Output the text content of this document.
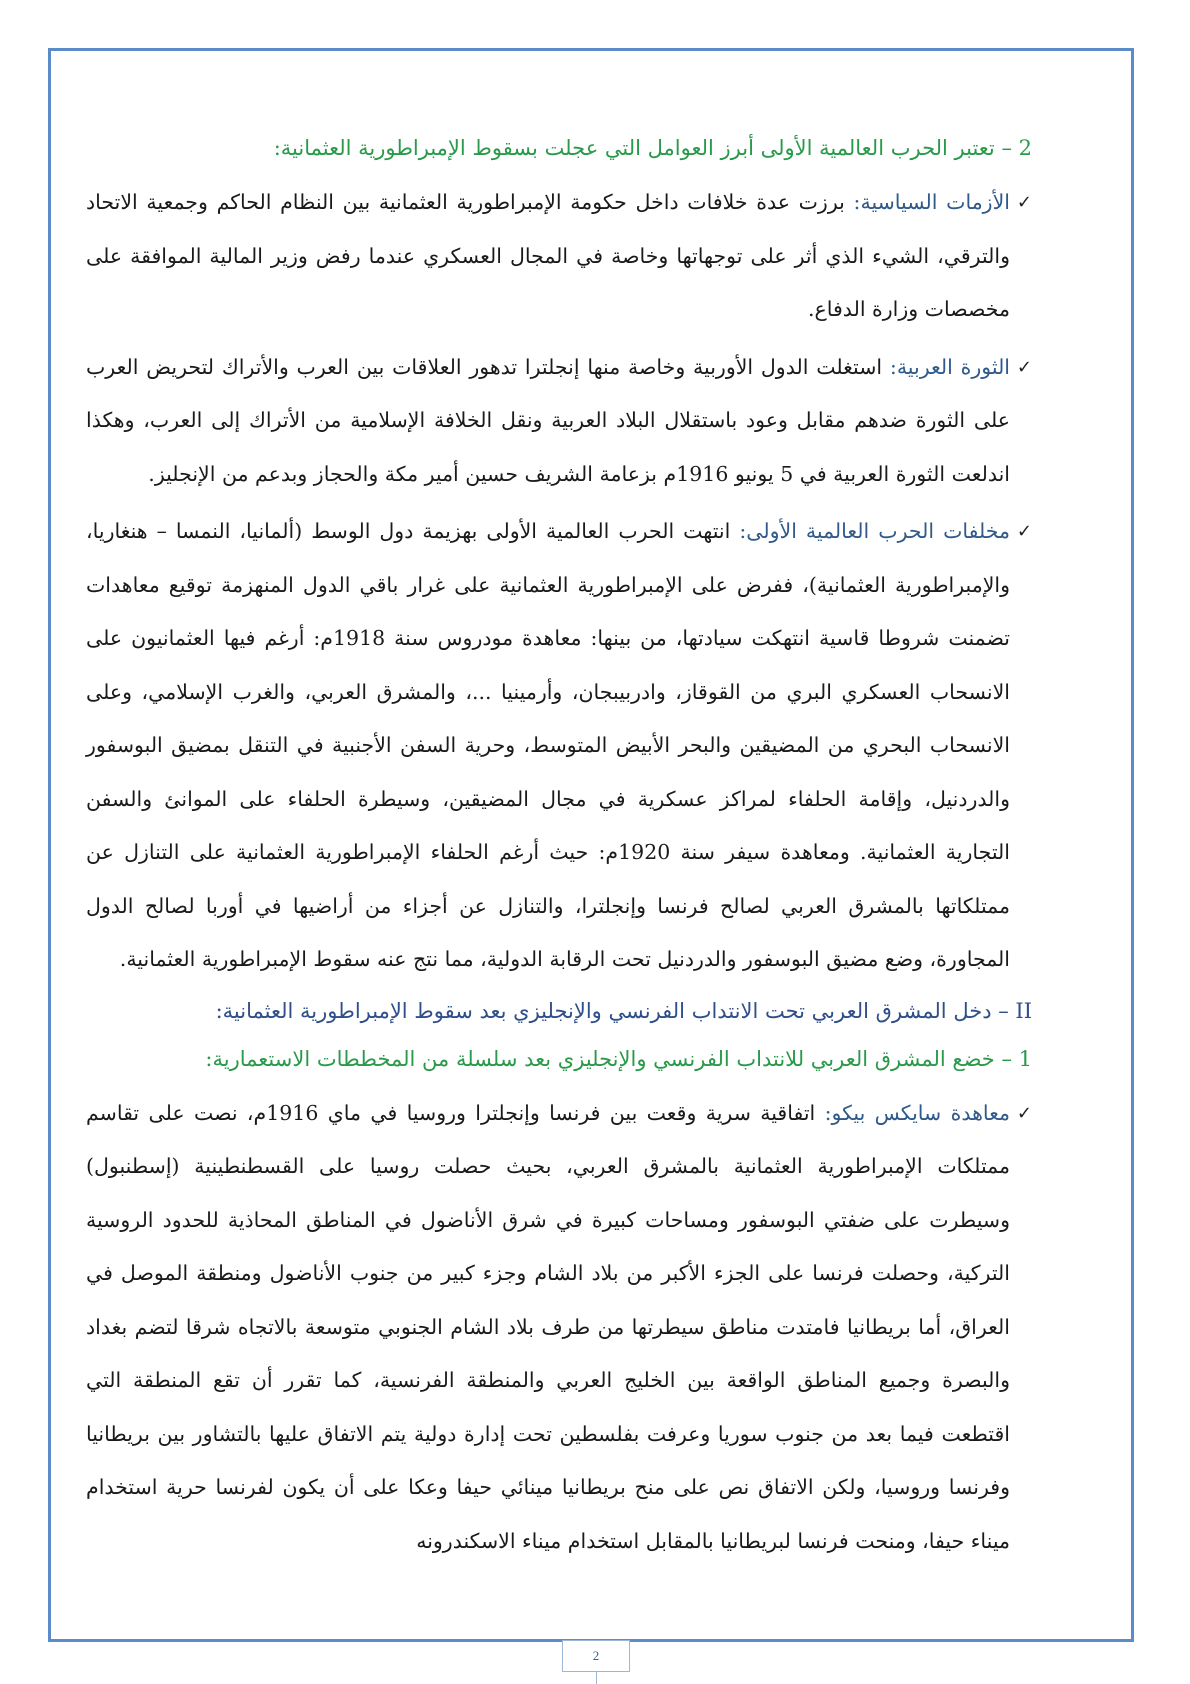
2 – تعتبر الحرب العالمية الأولى أبرز العوامل التي عجلت بسقوط الإمبراطورية العثمانية:

✓
الأزمات السياسية: برزت عدة خلافات داخل حكومة الإمبراطورية العثمانية بين النظام الحاكم وجمعية الاتحاد والترقي، الشيء الذي أثر على توجهاتها وخاصة في المجال العسكري عندما رفض وزير المالية الموافقة على مخصصات وزارة الدفاع.
✓
الثورة العربية: استغلت الدول الأوربية وخاصة منها إنجلترا تدهور العلاقات بين العرب والأتراك لتحريض العرب على الثورة ضدهم مقابل وعود باستقلال البلاد العربية ونقل الخلافة الإسلامية من الأتراك إلى العرب، وهكذا اندلعت الثورة العربية في 5 يونيو 1916م بزعامة الشريف حسين أمير مكة والحجاز وبدعم من الإنجليز.
✓
مخلفات الحرب العالمية الأولى: انتهت الحرب العالمية الأولى بهزيمة دول الوسط (ألمانيا، النمسا – هنغاريا، والإمبراطورية العثمانية)، ففرض على الإمبراطورية العثمانية على غرار باقي الدول المنهزمة توقيع معاهدات تضمنت شروطا قاسية انتهكت سيادتها، من بينها: معاهدة مودروس سنة 1918م: أرغم فيها العثمانيون على الانسحاب العسكري البري من القوقاز، وادربيبجان، وأرمينيا ...، والمشرق العربي، والغرب الإسلامي، وعلى الانسحاب البحري من المضيقين والبحر الأبيض المتوسط، وحرية السفن الأجنبية في التنقل بمضيق البوسفور والدردنيل، وإقامة الحلفاء لمراكز عسكرية في مجال المضيقين، وسيطرة الحلفاء على الموانئ والسفن التجارية العثمانية. ومعاهدة سيفر سنة 1920م: حيث أرغم الحلفاء الإمبراطورية العثمانية على التنازل عن ممتلكاتها بالمشرق العربي لصالح فرنسا وإنجلترا، والتنازل عن أجزاء من أراضيها في أوربا لصالح الدول المجاورة، وضع مضيق البوسفور والدردنيل تحت الرقابة الدولية، مما نتج عنه سقوط الإمبراطورية العثمانية.

II – دخل المشرق العربي تحت الانتداب الفرنسي والإنجليزي بعد سقوط الإمبراطورية العثمانية:

1 – خضع المشرق العربي للانتداب الفرنسي والإنجليزي بعد سلسلة من المخططات الاستعمارية:

✓
معاهدة سايكس بيكو: اتفاقية سرية وقعت بين فرنسا وإنجلترا وروسيا في ماي 1916م، نصت على تقاسم ممتلكات الإمبراطورية العثمانية بالمشرق العربي، بحيث حصلت روسيا على القسطنطينية (إسطنبول) وسيطرت على ضفتي البوسفور ومساحات كبيرة في شرق الأناضول في المناطق المحاذية للحدود الروسية التركية، وحصلت فرنسا على الجزء الأكبر من بلاد الشام وجزء كبير من جنوب الأناضول ومنطقة الموصل في العراق، أما بريطانيا فامتدت مناطق سيطرتها من طرف بلاد الشام الجنوبي متوسعة بالاتجاه شرقا لتضم بغداد والبصرة وجميع المناطق الواقعة بين الخليج العربي والمنطقة الفرنسية، كما تقرر أن تقع المنطقة التي اقتطعت فيما بعد من جنوب سوريا وعرفت بفلسطين تحت إدارة دولية يتم الاتفاق عليها بالتشاور بين بريطانيا وفرنسا وروسيا، ولكن الاتفاق نص على منح بريطانيا مينائي حيفا وعكا على أن يكون لفرنسا حرية استخدام ميناء حيفا، ومنحت فرنسا لبريطانيا بالمقابل استخدام ميناء الاسكندرونه
2
